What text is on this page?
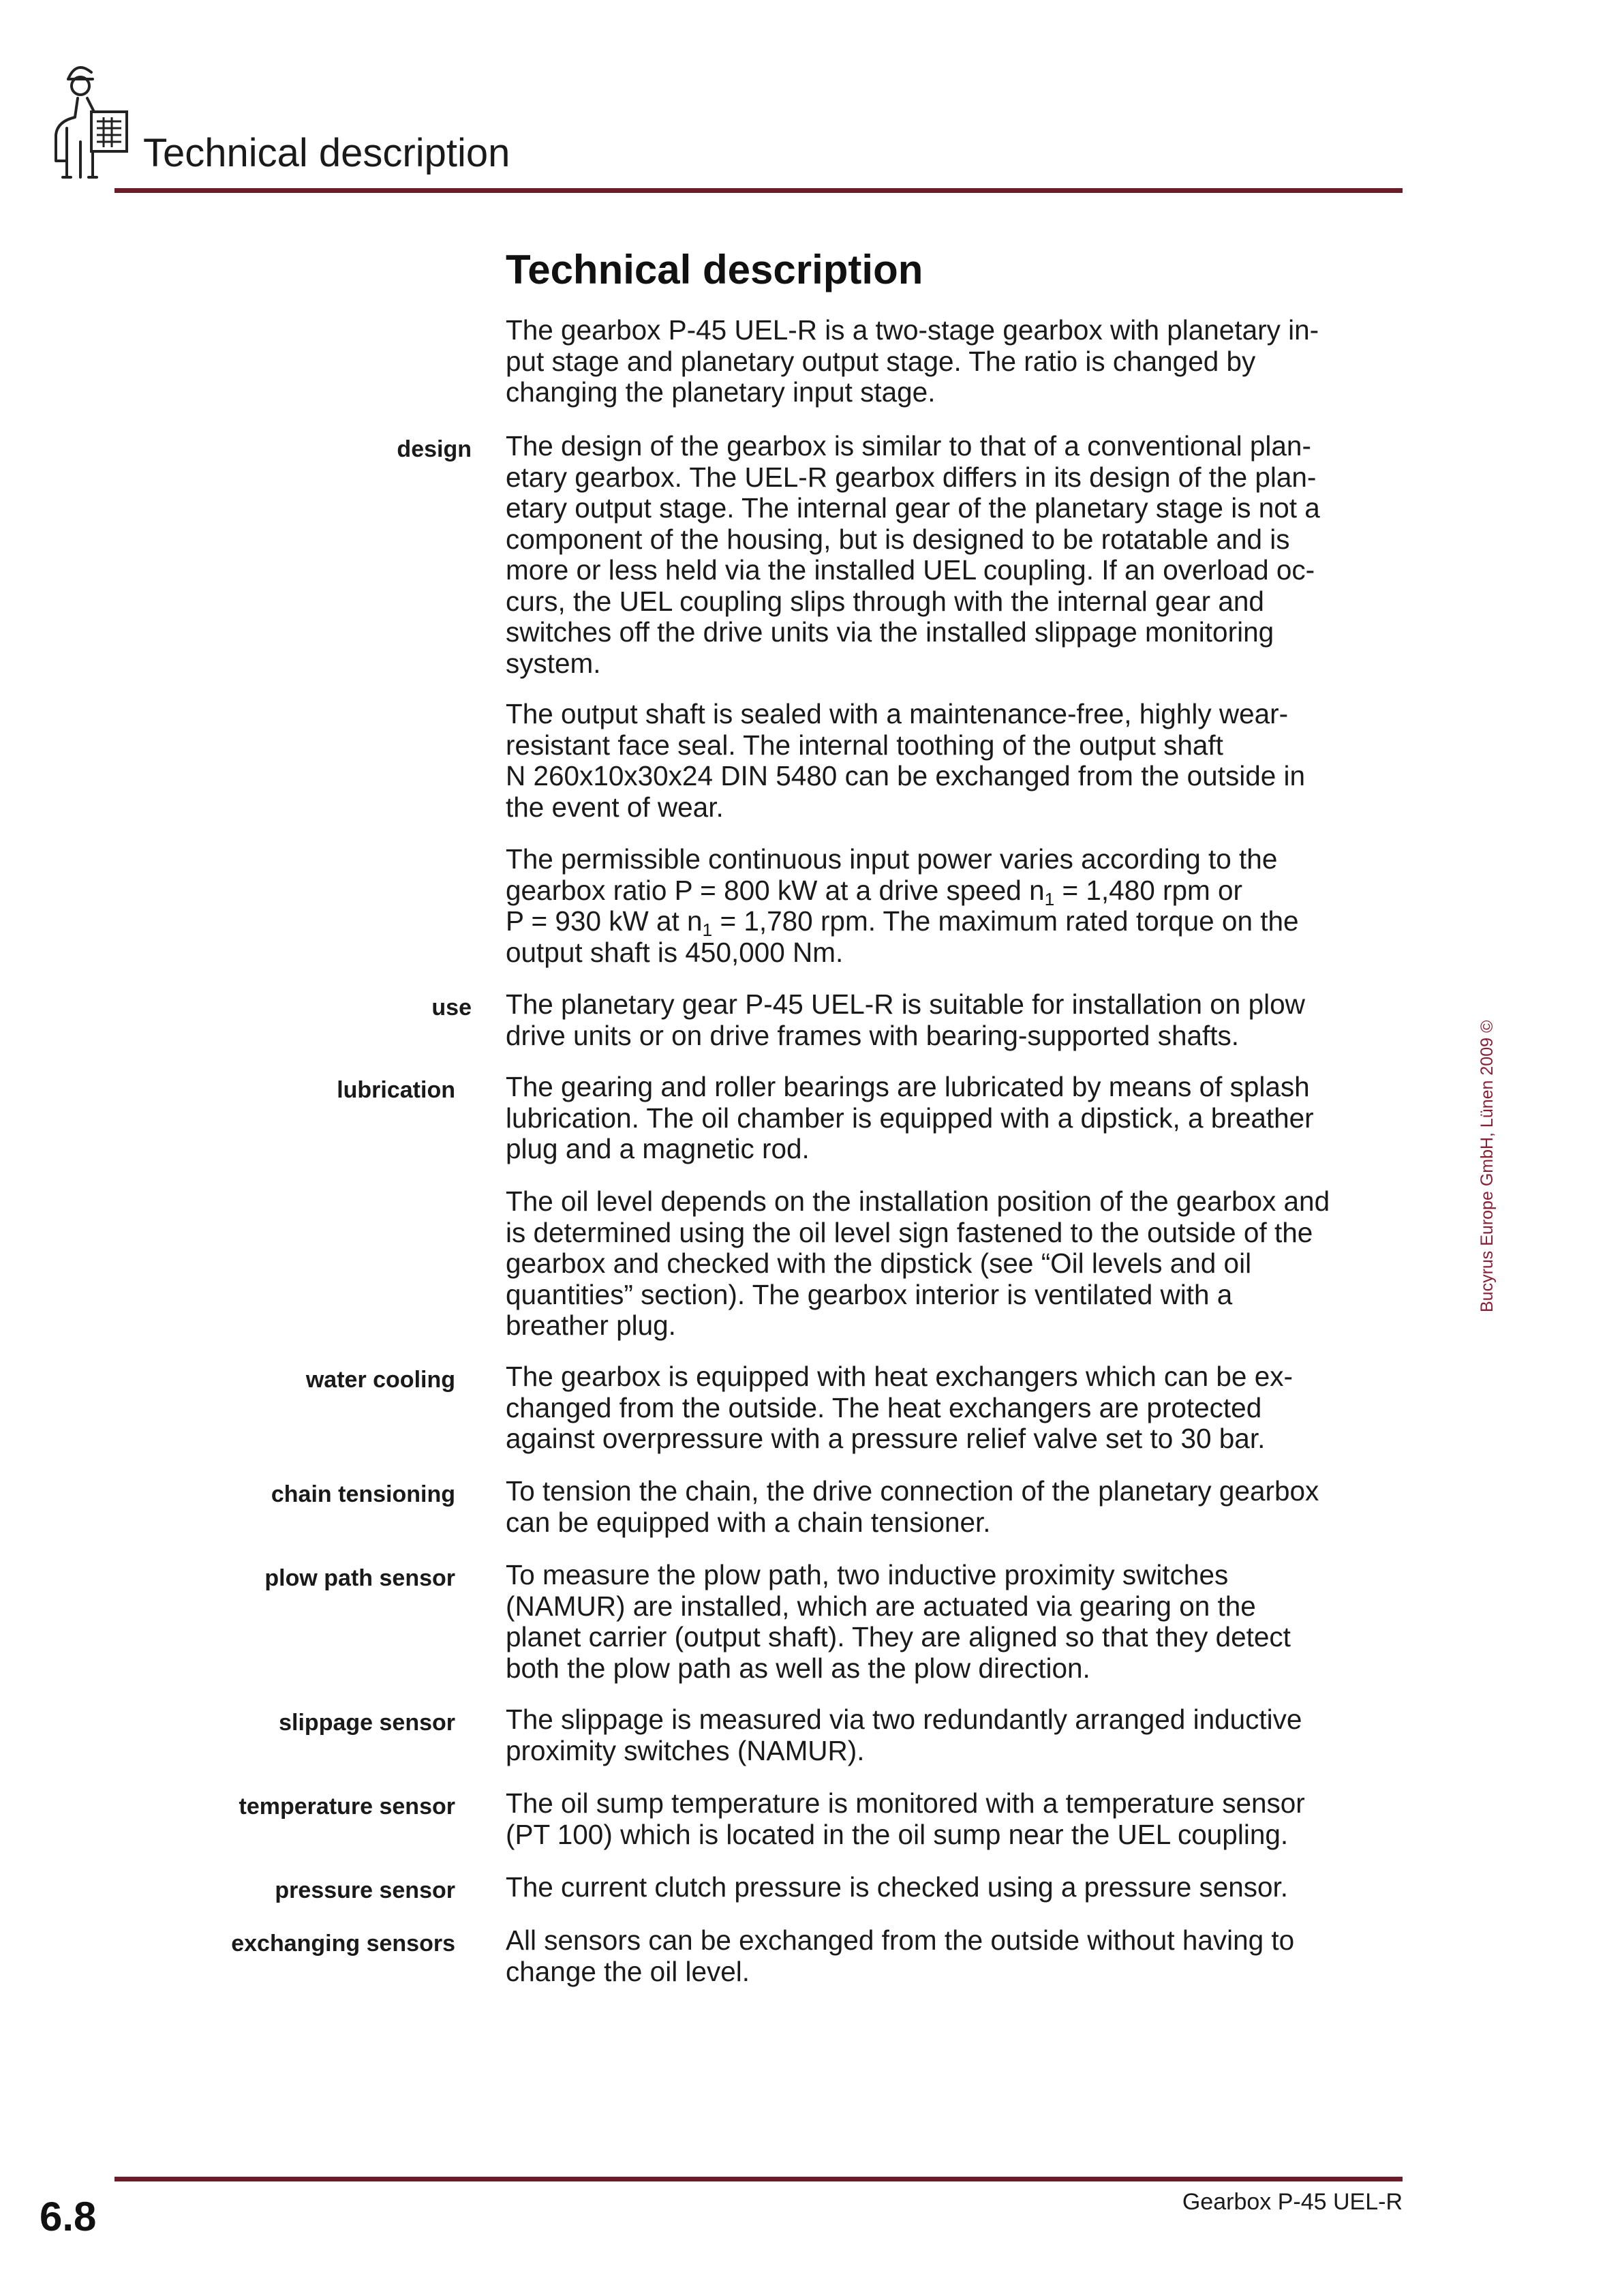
Technical description
Technical description
The gearbox P-45 UEL-R is a two-stage gearbox with planetary in-
put stage and planetary output stage. The ratio is changed by
changing the planetary input stage.
design The design of the gearbox is similar to that of a conventional plan-
etary gearbox. The UEL-R gearbox differs in its design of the plan-
etary output stage. The internal gear of the planetary stage is not a
component of the housing, but is designed to be rotatable and is
more or less held via the installed UEL coupling. If an overload oc-
curs, the UEL coupling slips through with the internal gear and
switches off the drive units via the installed slippage monitoring
system.
The output shaft is sealed with a maintenance-free, highly wear-
resistant face seal. The internal toothing of the output shaft
N 260x10x30x24 DIN 5480 can be exchanged from the outside in
the event of wear.
The permissible continuous input power varies according to the
gearbox ratio P = 800 kW at a drive speed $n_1 = 1,480$ rpm or
P = 930 kW at $n_1 = 1,780$ rpm. The maximum rated torque on the
output shaft is 450,000 Nm.
use The planetary gear P-45 UEL-R is suitable for installation on plow
drive units or on drive frames with bearing-supported shafts.
lubrication The gearing and roller bearings are lubricated by means of splash
lubrication. The oil chamber is equipped with a dipstick, a breather
plug and a magnetic rod.
The oil level depends on the installation position of the gearbox and
is determined using the oil level sign fastened to the outside of the
gearbox and checked with the dipstick (see “Oil levels and oil
quantities” section). The gearbox interior is ventilated with a
breather plug.
water cooling The gearbox is equipped with heat exchangers which can be ex-
changed from the outside. The heat exchangers are protected
against overpressure with a pressure relief valve set to 30 bar.
chain tensioning To tension the chain, the drive connection of the planetary gearbox
can be equipped with a chain tensioner.
plow path sensor To measure the plow path, two inductive proximity switches
(NAMUR) are installed, which are actuated via gearing on the
planet carrier (output shaft). They are aligned so that they detect
both the plow path as well as the plow direction.
slippage sensor The slippage is measured via two redundantly arranged inductive
proximity switches (NAMUR).
temperature sensor The oil sump temperature is monitored with a temperature sensor
(PT 100) which is located in the oil sump near the UEL coupling.
pressure sensor The current clutch pressure is checked using a pressure sensor.
exchanging sensors All sensors can be exchanged from the outside without having to
change the oil level.
Bucyrus Europe GmbH, Lünen 2009 ©
6.8	Gearbox P-45 UEL-R
